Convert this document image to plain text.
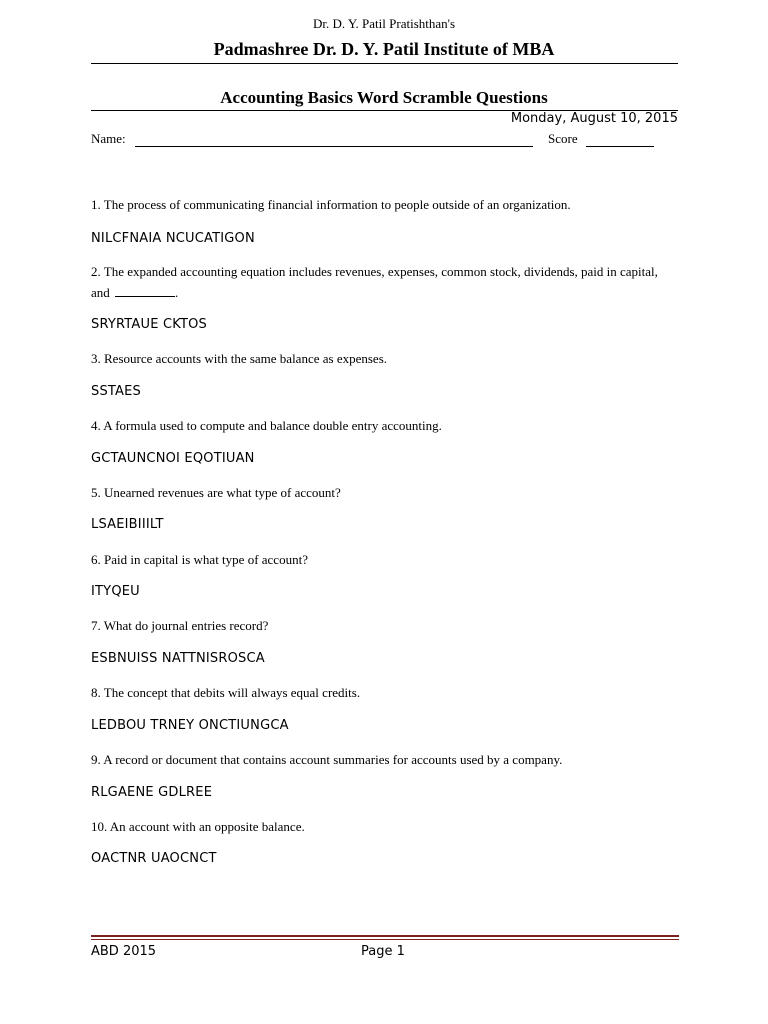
Dr. D. Y. Patil Pratishthan's
Padmashree Dr. D. Y. Patil Institute of MBA
Accounting Basics Word Scramble Questions
Monday, August 10, 2015
Name:	Score
1. The process of communicating financial information to people outside of an organization.
NILCFNAIA NCUCATIGON
2. The expanded accounting equation includes revenues, expenses, common stock, dividends, paid in capital, and	.
SRYRTAUE CKTOS
3. Resource accounts with the same balance as expenses.
SSTAES
4. A formula used to compute and balance double entry accounting.
GCTAUNCNOI EQOTIUAN
5. Unearned revenues are what type of account?
LSAEIBIIILT
6. Paid in capital is what type of account?
ITYQEU
7. What do journal entries record?
ESBNUISS NATTNISROSCA
8. The concept that debits will always equal credits.
LEDBOU TRNEY ONCTIUNGCA
9. A record or document that contains account summaries for accounts used by a company.
RLGAENE GDLREE
10. An account with an opposite balance.
OACTNR UAOCNCT
ABD 2015	Page 1
